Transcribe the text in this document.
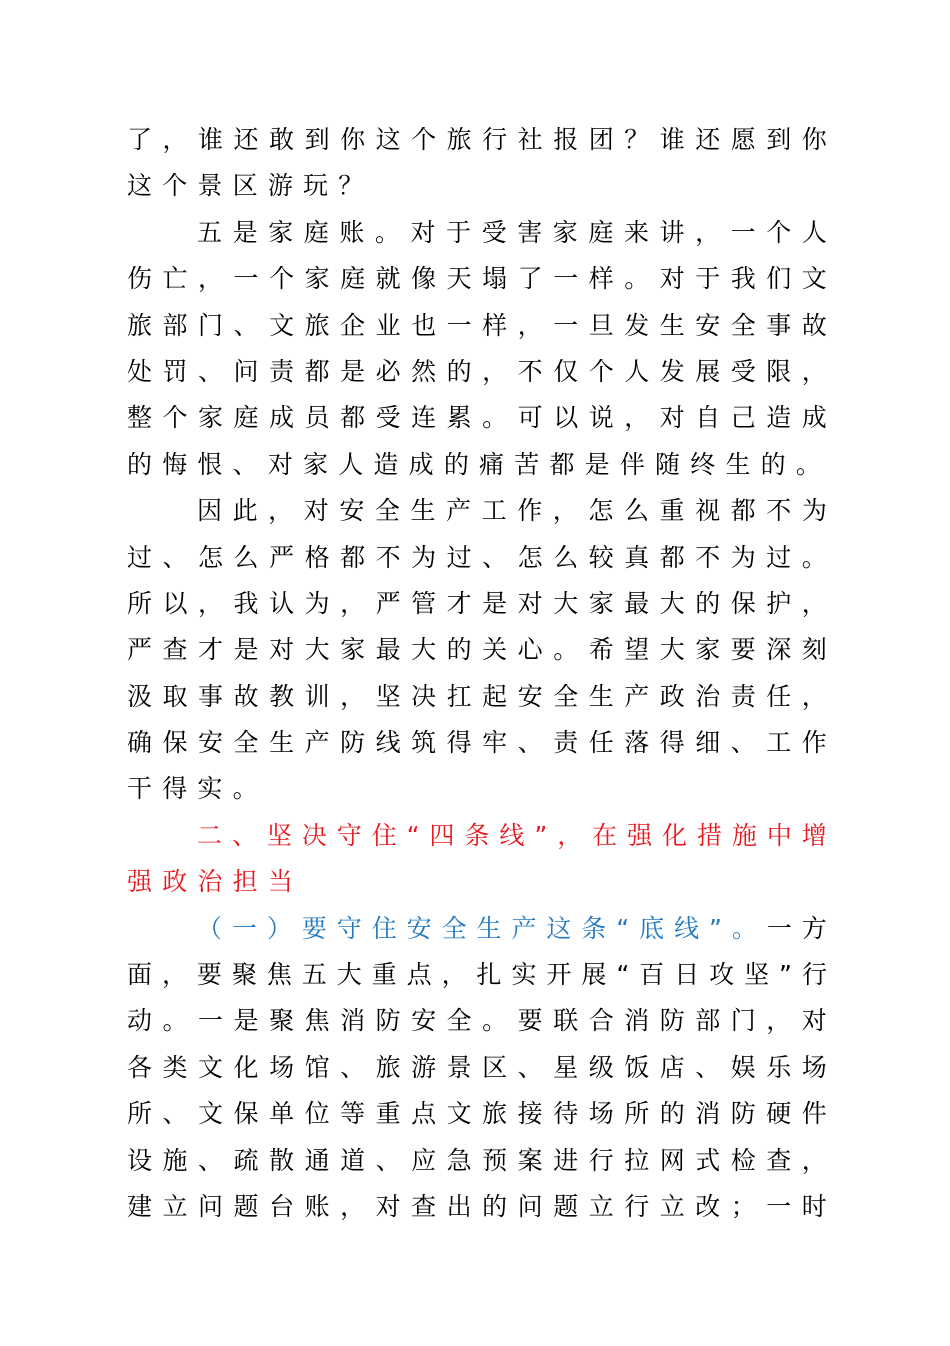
了 ， 谁 还 敢 到 你 这 个 旅 行 社 报 团 ？ 谁 还 愿 到 你
这 个 景 区 游 玩 ？
五 是 家 庭 账 。 对 于 受 害 家 庭 来 讲 ， 一 个 人
伤 亡 ， 一 个 家 庭 就 像 天 塌 了 一 样 。 对 于 我 们 文
旅 部 门 、 文 旅 企 业 也 一 样 ， 一 旦 发 生 安 全 事 故
处 罚 、 问 责 都 是 必 然 的 ， 不 仅 个 人 发 展 受 限 ，
整 个 家 庭 成 员 都 受 连 累 。 可 以 说 ， 对 自 己 造 成
的 悔 恨 、 对 家 人 造 成 的 痛 苦 都 是 伴 随 终 生 的 。
因 此 ， 对 安 全 生 产 工 作 ， 怎 么 重 视 都 不 为
过 、 怎 么 严 格 都 不 为 过 、 怎 么 较 真 都 不 为 过 。
所 以 ， 我 认 为 ， 严 管 才 是 对 大 家 最 大 的 保 护 ，
严 查 才 是 对 大 家 最 大 的 关 心 。 希 望 大 家 要 深 刻
汲 取 事 故 教 训 ， 坚 决 扛 起 安 全 生 产 政 治 责 任 ，
确 保 安 全 生 产 防 线 筑 得 牢 、 责 任 落 得 细 、 工 作
干 得 实 。
二 、 坚 决 守 住 “ 四 条 线 ” ， 在 强 化 措 施 中 增
强 政 治 担 当
（ 一 ） 要 守 住 安 全 生 产 这 条 “ 底 线 ” 。 一 方
面 ， 要 聚 焦 五 大 重 点 ， 扎 实 开 展 “ 百 日 攻 坚 ” 行
动 。 一 是 聚 焦 消 防 安 全 。 要 联 合 消 防 部 门 ， 对
各 类 文 化 场 馆 、 旅 游 景 区 、 星 级 饭 店 、 娱 乐 场
所 、 文 保 单 位 等 重 点 文 旅 接 待 场 所 的 消 防 硬 件
设 施 、 疏 散 通 道 、 应 急 预 案 进 行 拉 网 式 检 查 ，
建 立 问 题 台 账 ， 对 查 出 的 问 题 立 行 立 改 ； 一 时
